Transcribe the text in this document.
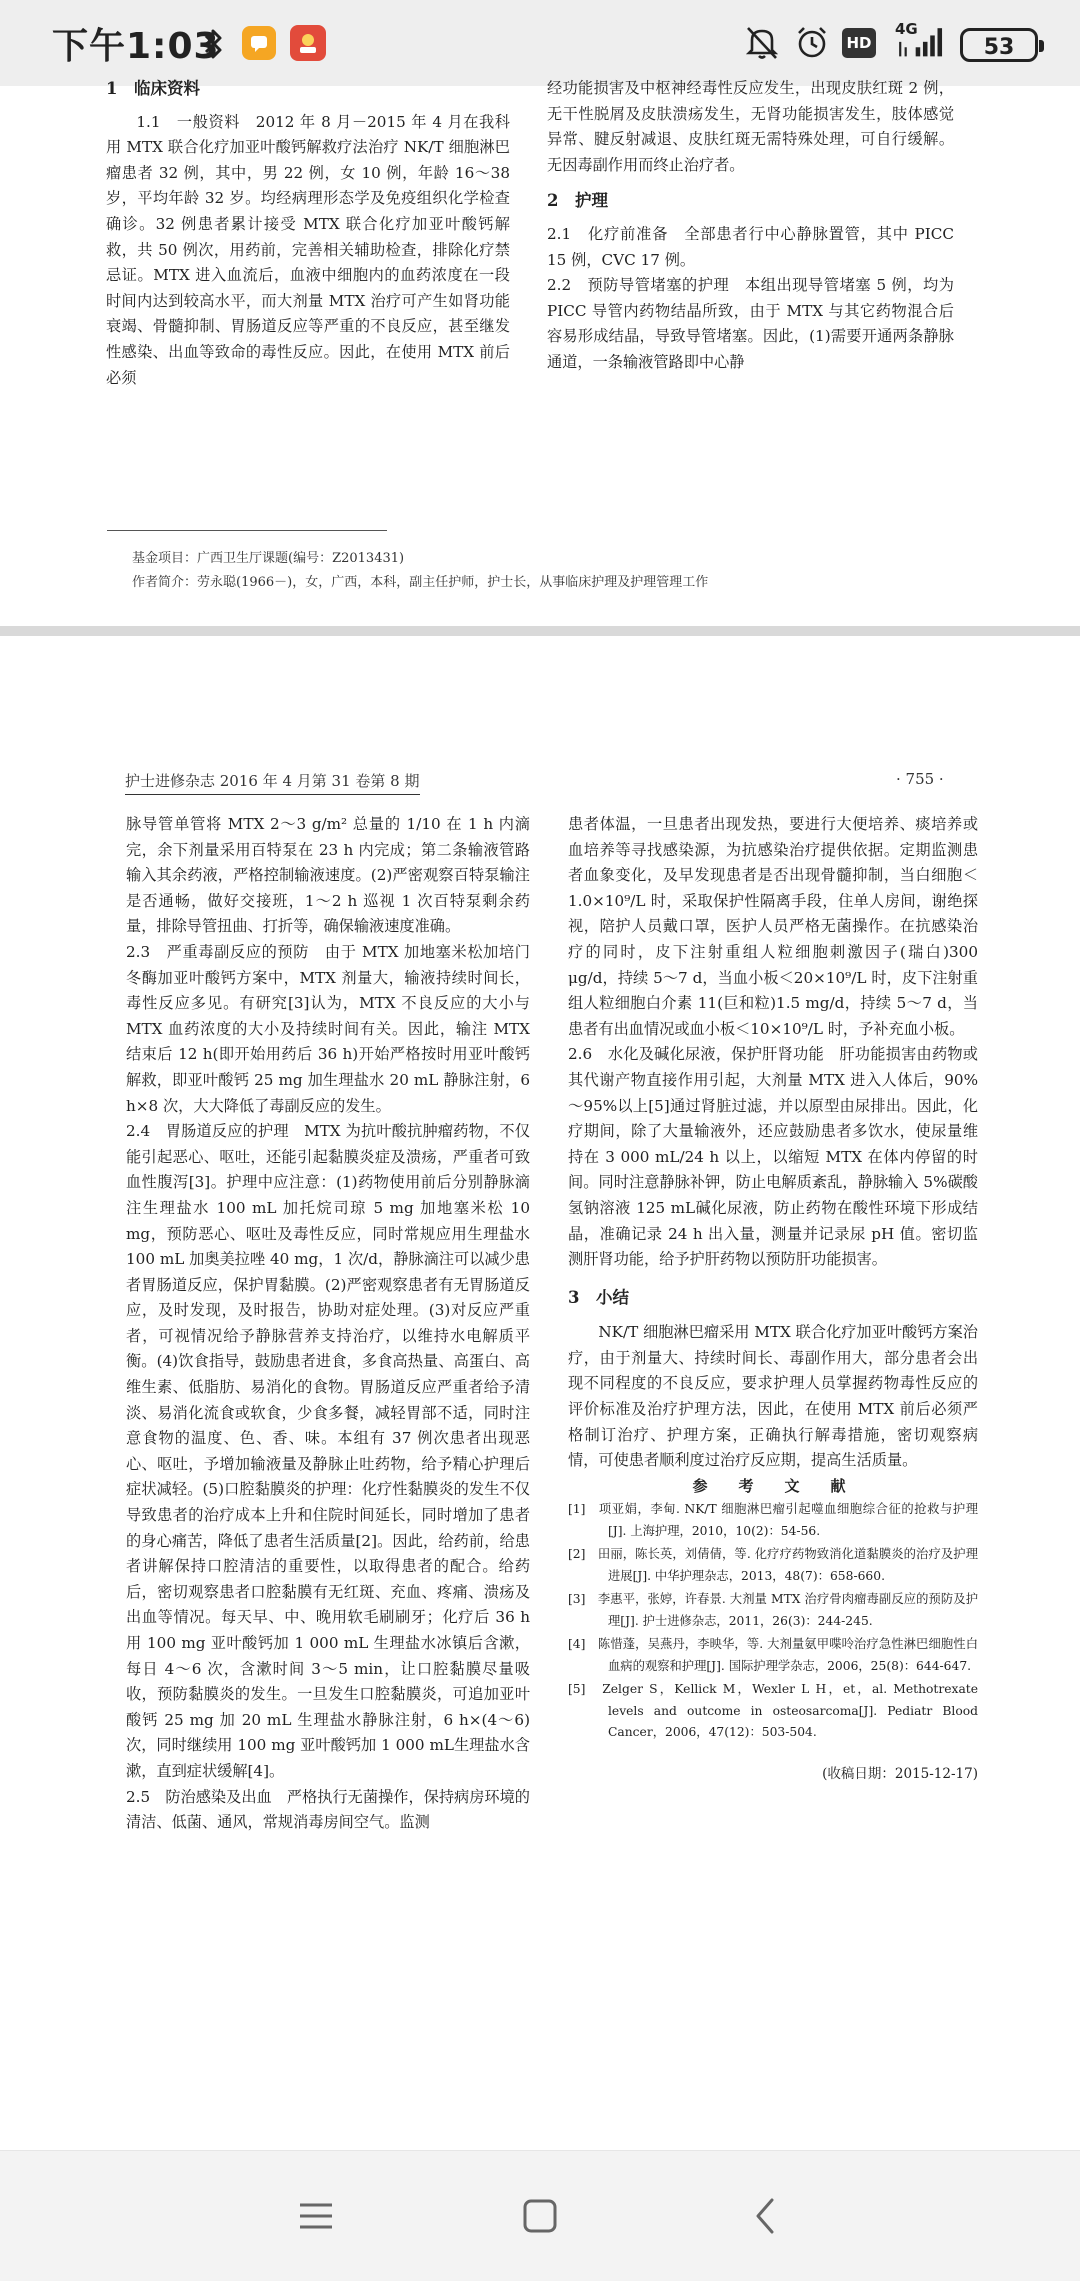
下午1:03	HD
4G
53

1　临床资料

1.1　一般资料　2012 年 8 月－2015 年 4 月在我科用 MTX 联合化疗加亚叶酸钙解救疗法治疗 NK/T 细胞淋巴瘤患者 32 例，其中，男 22 例，女 10 例，年龄 16～38 岁，平均年龄 32 岁。均经病理形态学及免疫组织化学检查确诊。32 例患者累计接受 MTX 联合化疗加亚叶酸钙解救，共 50 例次，用药前，完善相关辅助检查，排除化疗禁忌证。MTX 进入血流后，血液中细胞内的血药浓度在一段时间内达到较高水平，而大剂量 MTX 治疗可产生如肾功能衰竭、骨髓抑制、胃肠道反应等严重的不良反应，甚至继发性感染、出血等致命的毒性反应。因此，在使用 MTX 前后必须

经功能损害及中枢神经毒性反应发生，出现皮肤红斑 2 例，无干性脱屑及皮肤溃疡发生，无肾功能损害发生，肢体感觉异常、腱反射减退、皮肤红斑无需特殊处理，可自行缓解。无因毒副作用而终止治疗者。

2　护理

2.1　化疗前准备　全部患者行中心静脉置管，其中 PICC 15 例，CVC 17 例。

2.2　预防导管堵塞的护理　本组出现导管堵塞 5 例，均为 PICC 导管内药物结晶所致，由于 MTX 与其它药物混合后容易形成结晶，导致导管堵塞。因此，(1)需要开通两条静脉通道，一条输液管路即中心静

基金项目：广西卫生厅课题(编号：Z2013431)
作者简介：劳永聪(1966－)，女，广西，本科，副主任护师，护士长，从事临床护理及护理管理工作
护士进修杂志 2016 年 4 月第 31 卷第 8 期	· 755 ·

脉导管单管将 MTX 2～3 g/m² 总量的 1/10 在 1 h 内滴完，余下剂量采用百特泵在 23 h 内完成；第二条输液管路输入其余药液，严格控制输液速度。(2)严密观察百特泵输注是否通畅，做好交接班，1～2 h 巡视 1 次百特泵剩余药量，排除导管扭曲、打折等，确保输液速度准确。

2.3　严重毒副反应的预防　由于 MTX 加地塞米松加培门冬酶加亚叶酸钙方案中，MTX 剂量大，输液持续时间长，毒性反应多见。有研究[3]认为，MTX 不良反应的大小与 MTX 血药浓度的大小及持续时间有关。因此，输注 MTX 结束后 12 h(即开始用药后 36 h)开始严格按时用亚叶酸钙解救，即亚叶酸钙 25 mg 加生理盐水 20 mL 静脉注射，6 h×8 次，大大降低了毒副反应的发生。

2.4　胃肠道反应的护理　MTX 为抗叶酸抗肿瘤药物，不仅能引起恶心、呕吐，还能引起黏膜炎症及溃疡，严重者可致血性腹泻[3]。护理中应注意：(1)药物使用前后分别静脉滴注生理盐水 100 mL 加托烷司琼 5 mg 加地塞米松 10 mg，预防恶心、呕吐及毒性反应，同时常规应用生理盐水 100 mL 加奥美拉唑 40 mg，1 次/d，静脉滴注可以减少患者胃肠道反应，保护胃黏膜。(2)严密观察患者有无胃肠道反应，及时发现，及时报告，协助对症处理。(3)对反应严重者，可视情况给予静脉营养支持治疗，以维持水电解质平衡。(4)饮食指导，鼓励患者进食，多食高热量、高蛋白、高维生素、低脂肪、易消化的食物。胃肠道反应严重者给予清淡、易消化流食或软食，少食多餐，减轻胃部不适，同时注意食物的温度、色、香、味。本组有 37 例次患者出现恶心、呕吐，予增加输液量及静脉止吐药物，给予精心护理后症状减轻。(5)口腔黏膜炎的护理：化疗性黏膜炎的发生不仅导致患者的治疗成本上升和住院时间延长，同时增加了患者的身心痛苦，降低了患者生活质量[2]。因此，给药前，给患者讲解保持口腔清洁的重要性，以取得患者的配合。给药后，密切观察患者口腔黏膜有无红斑、充血、疼痛、溃疡及出血等情况。每天早、中、晚用软毛刷刷牙；化疗后 36 h 用 100 mg 亚叶酸钙加 1 000 mL 生理盐水冰镇后含漱，每日 4～6 次，含漱时间 3～5 min，让口腔黏膜尽量吸收，预防黏膜炎的发生。一旦发生口腔黏膜炎，可追加亚叶酸钙 25 mg 加 20 mL 生理盐水静脉注射，6 h×(4～6)次，同时继续用 100 mg 亚叶酸钙加 1 000 mL生理盐水含漱，直到症状缓解[4]。

2.5　防治感染及出血　严格执行无菌操作，保持病房环境的清洁、低菌、通风，常规消毒房间空气。监测

患者体温，一旦患者出现发热，要进行大便培养、痰培养或血培养等寻找感染源，为抗感染治疗提供依据。定期监测患者血象变化，及早发现患者是否出现骨髓抑制，当白细胞＜1.0×10⁹/L 时，采取保护性隔离手段，住单人房间，谢绝探视，陪护人员戴口罩，医护人员严格无菌操作。在抗感染治疗的同时，皮下注射重组人粒细胞刺激因子(瑞白)300 μg/d，持续 5～7 d，当血小板＜20×10⁹/L 时，皮下注射重组人粒细胞白介素 11(巨和粒)1.5 mg/d，持续 5～7 d，当患者有出血情况或血小板＜10×10⁹/L 时，予补充血小板。

2.6　水化及碱化尿液，保护肝肾功能　肝功能损害由药物或其代谢产物直接作用引起，大剂量 MTX 进入人体后，90%～95%以上[5]通过肾脏过滤，并以原型由尿排出。因此，化疗期间，除了大量输液外，还应鼓励患者多饮水，使尿量维持在 3 000 mL/24 h 以上，以缩短 MTX 在体内停留的时间。同时注意静脉补钾，防止电解质紊乱，静脉输入 5%碳酸氢钠溶液 125 mL碱化尿液，防止药物在酸性环境下形成结晶，准确记录 24 h 出入量，测量并记录尿 pH 值。密切监测肝肾功能，给予护肝药物以预防肝功能损害。

3　小结

NK/T 细胞淋巴瘤采用 MTX 联合化疗加亚叶酸钙方案治疗，由于剂量大、持续时间长、毒副作用大，部分患者会出现不同程度的不良反应，要求护理人员掌握药物毒性反应的评价标准及治疗护理方法，因此，在使用 MTX 前后必须严格制订治疗、护理方案，正确执行解毒措施，密切观察病情，可使患者顺利度过治疗反应期，提高生活质量。

参　考　文　献

[1]　项亚娟，李甸. NK/T 细胞淋巴瘤引起噬血细胞综合征的抢救与护理[J]. 上海护理，2010，10(2)：54-56.

[2]　田丽，陈长英，刘倩倩，等. 化疗疗药物致消化道黏膜炎的治疗及护理进展[J]. 中华护理杂志，2013，48(7)：658-660.

[3]　李惠平，张婷，许春景. 大剂量 MTX 治疗骨肉瘤毒副反应的预防及护理[J]. 护士进修杂志，2011，26(3)：244-245.

[4]　陈惜蓬，吴燕丹，李映华，等. 大剂量氨甲喋呤治疗急性淋巴细胞性白血病的观察和护理[J]. 国际护理学杂志，2006，25(8)：644-647.

[5]　Zelger S，Kellick M，Wexler L H，et，al. Methotrexate levels and outcome in osteosarcoma[J]. Pediatr Blood Cancer，2006，47(12)：503-504.

(收稿日期：2015-12-17)
